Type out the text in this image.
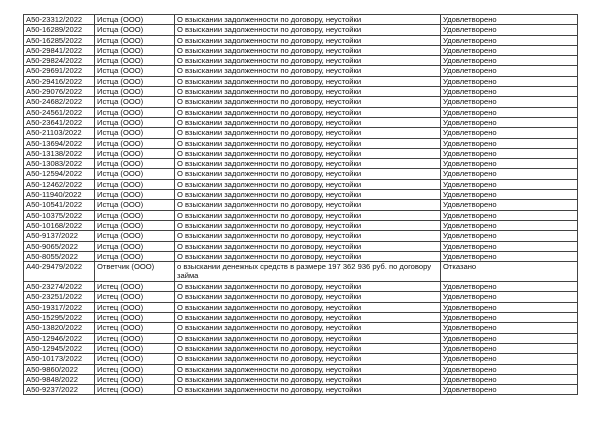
А50-23312/2022	Истца (ООО)	О взыскании задолженности по договору, неустойки	Удовлетворено
А50-16289/2022	Истца (ООО)	О взыскании задолженности по договору, неустойки	Удовлетворено
А50-16285/2022	Истца (ООО)	О взыскании задолженности по договору, неустойки	Удовлетворено
А50-29841/2022	Истца (ООО)	О взыскании задолженности по договору, неустойки	Удовлетворено
А50-29824/2022	Истца (ООО)	О взыскании задолженности по договору, неустойки	Удовлетворено
А50-29691/2022	Истца (ООО)	О взыскании задолженности по договору, неустойки	Удовлетворено
А50-29416/2022	Истца (ООО)	О взыскании задолженности по договору, неустойки	Удовлетворено
А50-29076/2022	Истца (ООО)	О взыскании задолженности по договору, неустойки	Удовлетворено
А50-24682/2022	Истца (ООО)	О взыскании задолженности по договору, неустойки	Удовлетворено
А50-24561/2022	Истца (ООО)	О взыскании задолженности по договору, неустойки	Удовлетворено
А50-23641/2022	Истца (ООО)	О взыскании задолженности по договору, неустойки	Удовлетворено
А50-21103/2022	Истца (ООО)	О взыскании задолженности по договору, неустойки	Удовлетворено
А50-13694/2022	Истца (ООО)	О взыскании задолженности по договору, неустойки	Удовлетворено
А50-13138/2022	Истца (ООО)	О взыскании задолженности по договору, неустойки	Удовлетворено
А50-13083/2022	Истца (ООО)	О взыскании задолженности по договору, неустойки	Удовлетворено
А50-12594/2022	Истца (ООО)	О взыскании задолженности по договору, неустойки	Удовлетворено
А50-12462/2022	Истца (ООО)	О взыскании задолженности по договору, неустойки	Удовлетворено
А50-11940/2022	Истца (ООО)	О взыскании задолженности по договору, неустойки	Удовлетворено
А50-10541/2022	Истца (ООО)	О взыскании задолженности по договору, неустойки	Удовлетворено
А50-10375/2022	Истца (ООО)	О взыскании задолженности по договору, неустойки	Удовлетворено
А50-10168/2022	Истца (ООО)	О взыскании задолженности по договору, неустойки	Удовлетворено
А50-9137/2022	Истца (ООО)	О взыскании задолженности по договору, неустойки	Удовлетворено
А50-9065/2022	Истца (ООО)	О взыскании задолженности по договору, неустойки	Удовлетворено
А50-8055/2022	Истца (ООО)	О взыскании задолженности по договору, неустойки	Удовлетворено
А40-29479/2022	Ответчик (ООО)	о взыскании денежных средств в размере 197 362 936 руб. по договору займа	Отказано
А50-23274/2022	Истец (ООО)	О взыскании задолженности по договору, неустойки	Удовлетворено
А50-23251/2022	Истец (ООО)	О взыскании задолженности по договору, неустойки	Удовлетворено
А50-19317/2022	Истец (ООО)	О взыскании задолженности по договору, неустойки	Удовлетворено
А50-15295/2022	Истец (ООО)	О взыскании задолженности по договору, неустойки	Удовлетворено
А50-13820/2022	Истец (ООО)	О взыскании задолженности по договору, неустойки	Удовлетворено
А50-12946/2022	Истец (ООО)	О взыскании задолженности по договору, неустойки	Удовлетворено
А50-12945/2022	Истец (ООО)	О взыскании задолженности по договору, неустойки	Удовлетворено
А50-10173/2022	Истец (ООО)	О взыскании задолженности по договору, неустойки	Удовлетворено
А50-9860/2022	Истец (ООО)	О взыскании задолженности по договору, неустойки	Удовлетворено
А50-9848/2022	Истец (ООО)	О взыскании задолженности по договору, неустойки	Удовлетворено
А50-9237/2022	Истец (ООО)	О взыскании задолженности по договору, неустойки	Удовлетворено
